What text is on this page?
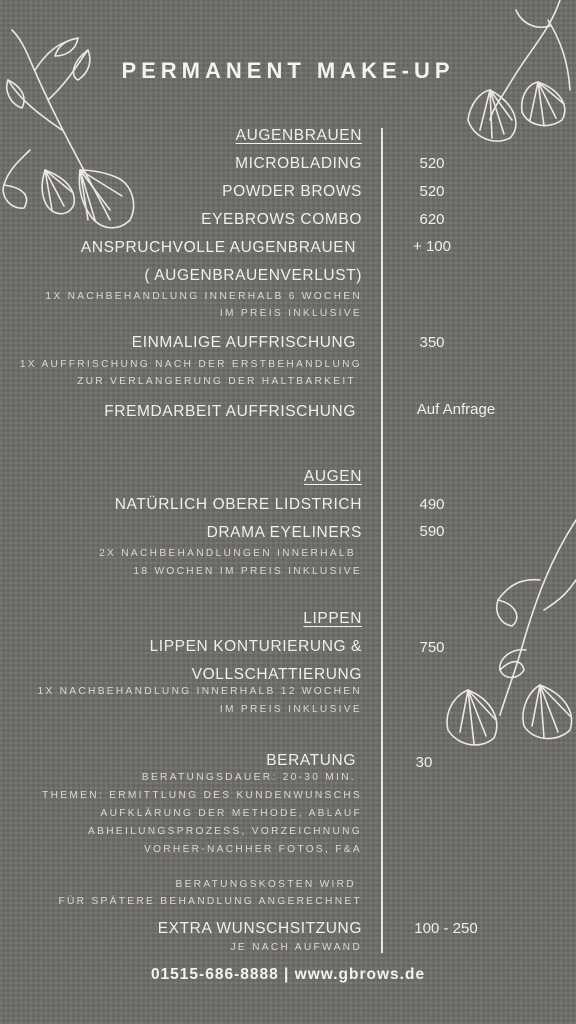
PERMANENT MAKE-UP
AUGENBRAUEN
MICROBLADING	520
POWDER BROWS	520
EYEBROWS COMBO	620
ANSPRUCHVOLLE AUGENBRAUEN	+ 100
( AUGENBRAUENVERLUST)
1X NACHBEHANDLUNG INNERHALB 6 WOCHEN
IM PREIS INKLUSIVE
EINMALIGE AUFFRISCHUNG	350
1X AUFFRISCHUNG NACH DER ERSTBEHANDLUNG
ZUR VERLANGERUNG DER HALTBARKEIT
FREMDARBEIT AUFFRISCHUNG	Auf Anfrage
AUGEN
NATÜRLICH OBERE LIDSTRICH	490
DRAMA EYELINERS	590
2X NACHBEHANDLUNGEN INNERHALB
18 WOCHEN IM PREIS INKLUSIVE
LIPPEN
LIPPEN KONTURIERUNG &	750
VOLLSCHATTIERUNG
1X NACHBEHANDLUNG INNERHALB 12 WOCHEN
IM PREIS INKLUSIVE
BERATUNG	30
BERATUNGSDAUER: 20-30 MIN.
THEMEN: ERMITTLUNG DES KUNDENWUNSCHS
AUFKLÄRUNG DER METHODE, ABLAUF
ABHEILUNGSPROZESS, VORZEICHNUNG
VORHER-NACHHER FOTOS, F&A
BERATUNGSKOSTEN WIRD
FÜR SPÄTERE BEHANDLUNG ANGERECHNET
EXTRA WUNSCHSITZUNG	100 - 250
JE NACH AUFWAND
01515-686-8888 | www.gbrows.de
